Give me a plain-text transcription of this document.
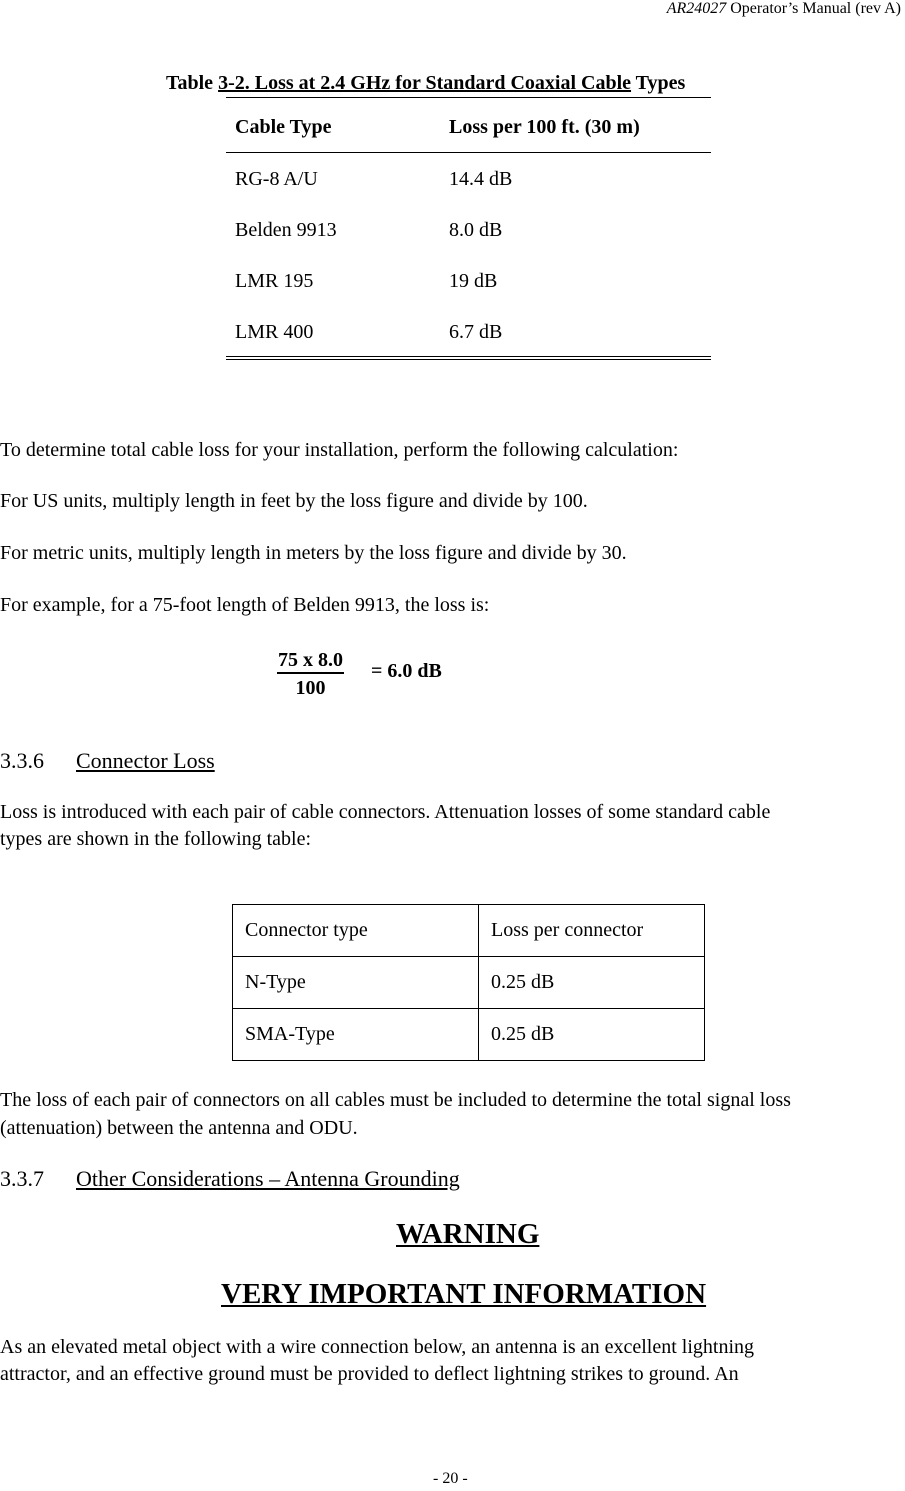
AR24027 Operator’s Manual (rev A)
Table 3-2. Loss at 2.4 GHz for Standard Coaxial Cable Types
Cable Type	Loss per 100 ft. (30 m)
RG-8 A/U	14.4 dB
Belden 9913	8.0 dB
LMR 195	19 dB
LMR 400	6.7 dB
To determine total cable loss for your installation, perform the following calculation:
For US units, multiply length in feet by the loss figure and divide by 100.
For metric units, multiply length in meters by the loss figure and divide by 30.
For example, for a 75-foot length of Belden 9913, the loss is:
$\frac{75 x 8.0}{100} = 6.0$ dB
3.3.6 Connector Loss
Loss is introduced with each pair of cable connectors. Attenuation losses of some standard cable
types are shown in the following table:
Connector type	Loss per connector
N-Type	0.25 dB
SMA-Type	0.25 dB
The loss of each pair of connectors on all cables must be included to determine the total signal loss
(attenuation) between the antenna and ODU.
3.3.7 Other Considerations – Antenna Grounding
WARNING
VERY IMPORTANT INFORMATION
As an elevated metal object with a wire connection below, an antenna is an excellent lightning
attractor, and an effective ground must be provided to deflect lightning strikes to ground. An
- 20 -
